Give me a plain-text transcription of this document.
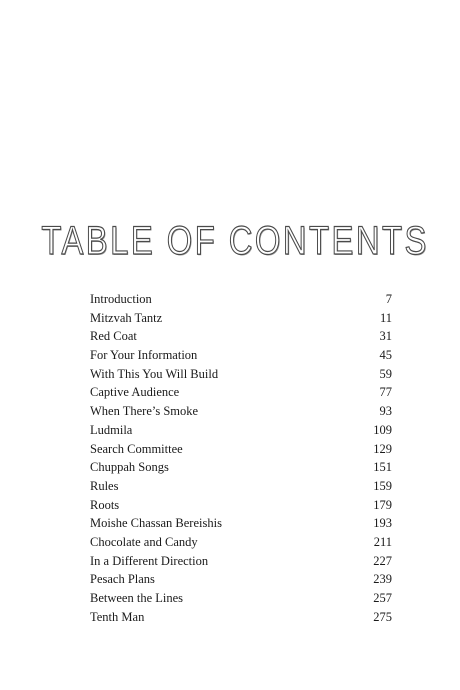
TABLE OF CONTENTS
Introduction	7
Mitzvah Tantz	11
Red Coat	31
For Your Information	45
With This You Will Build	59
Captive Audience	77
When There’s Smoke	93
Ludmila	109
Search Committee	129
Chuppah Songs	151
Rules	159
Roots	179
Moishe Chassan Bereishis	193
Chocolate and Candy	211
In a Different Direction	227
Pesach Plans	239
Between the Lines	257
Tenth Man	275
